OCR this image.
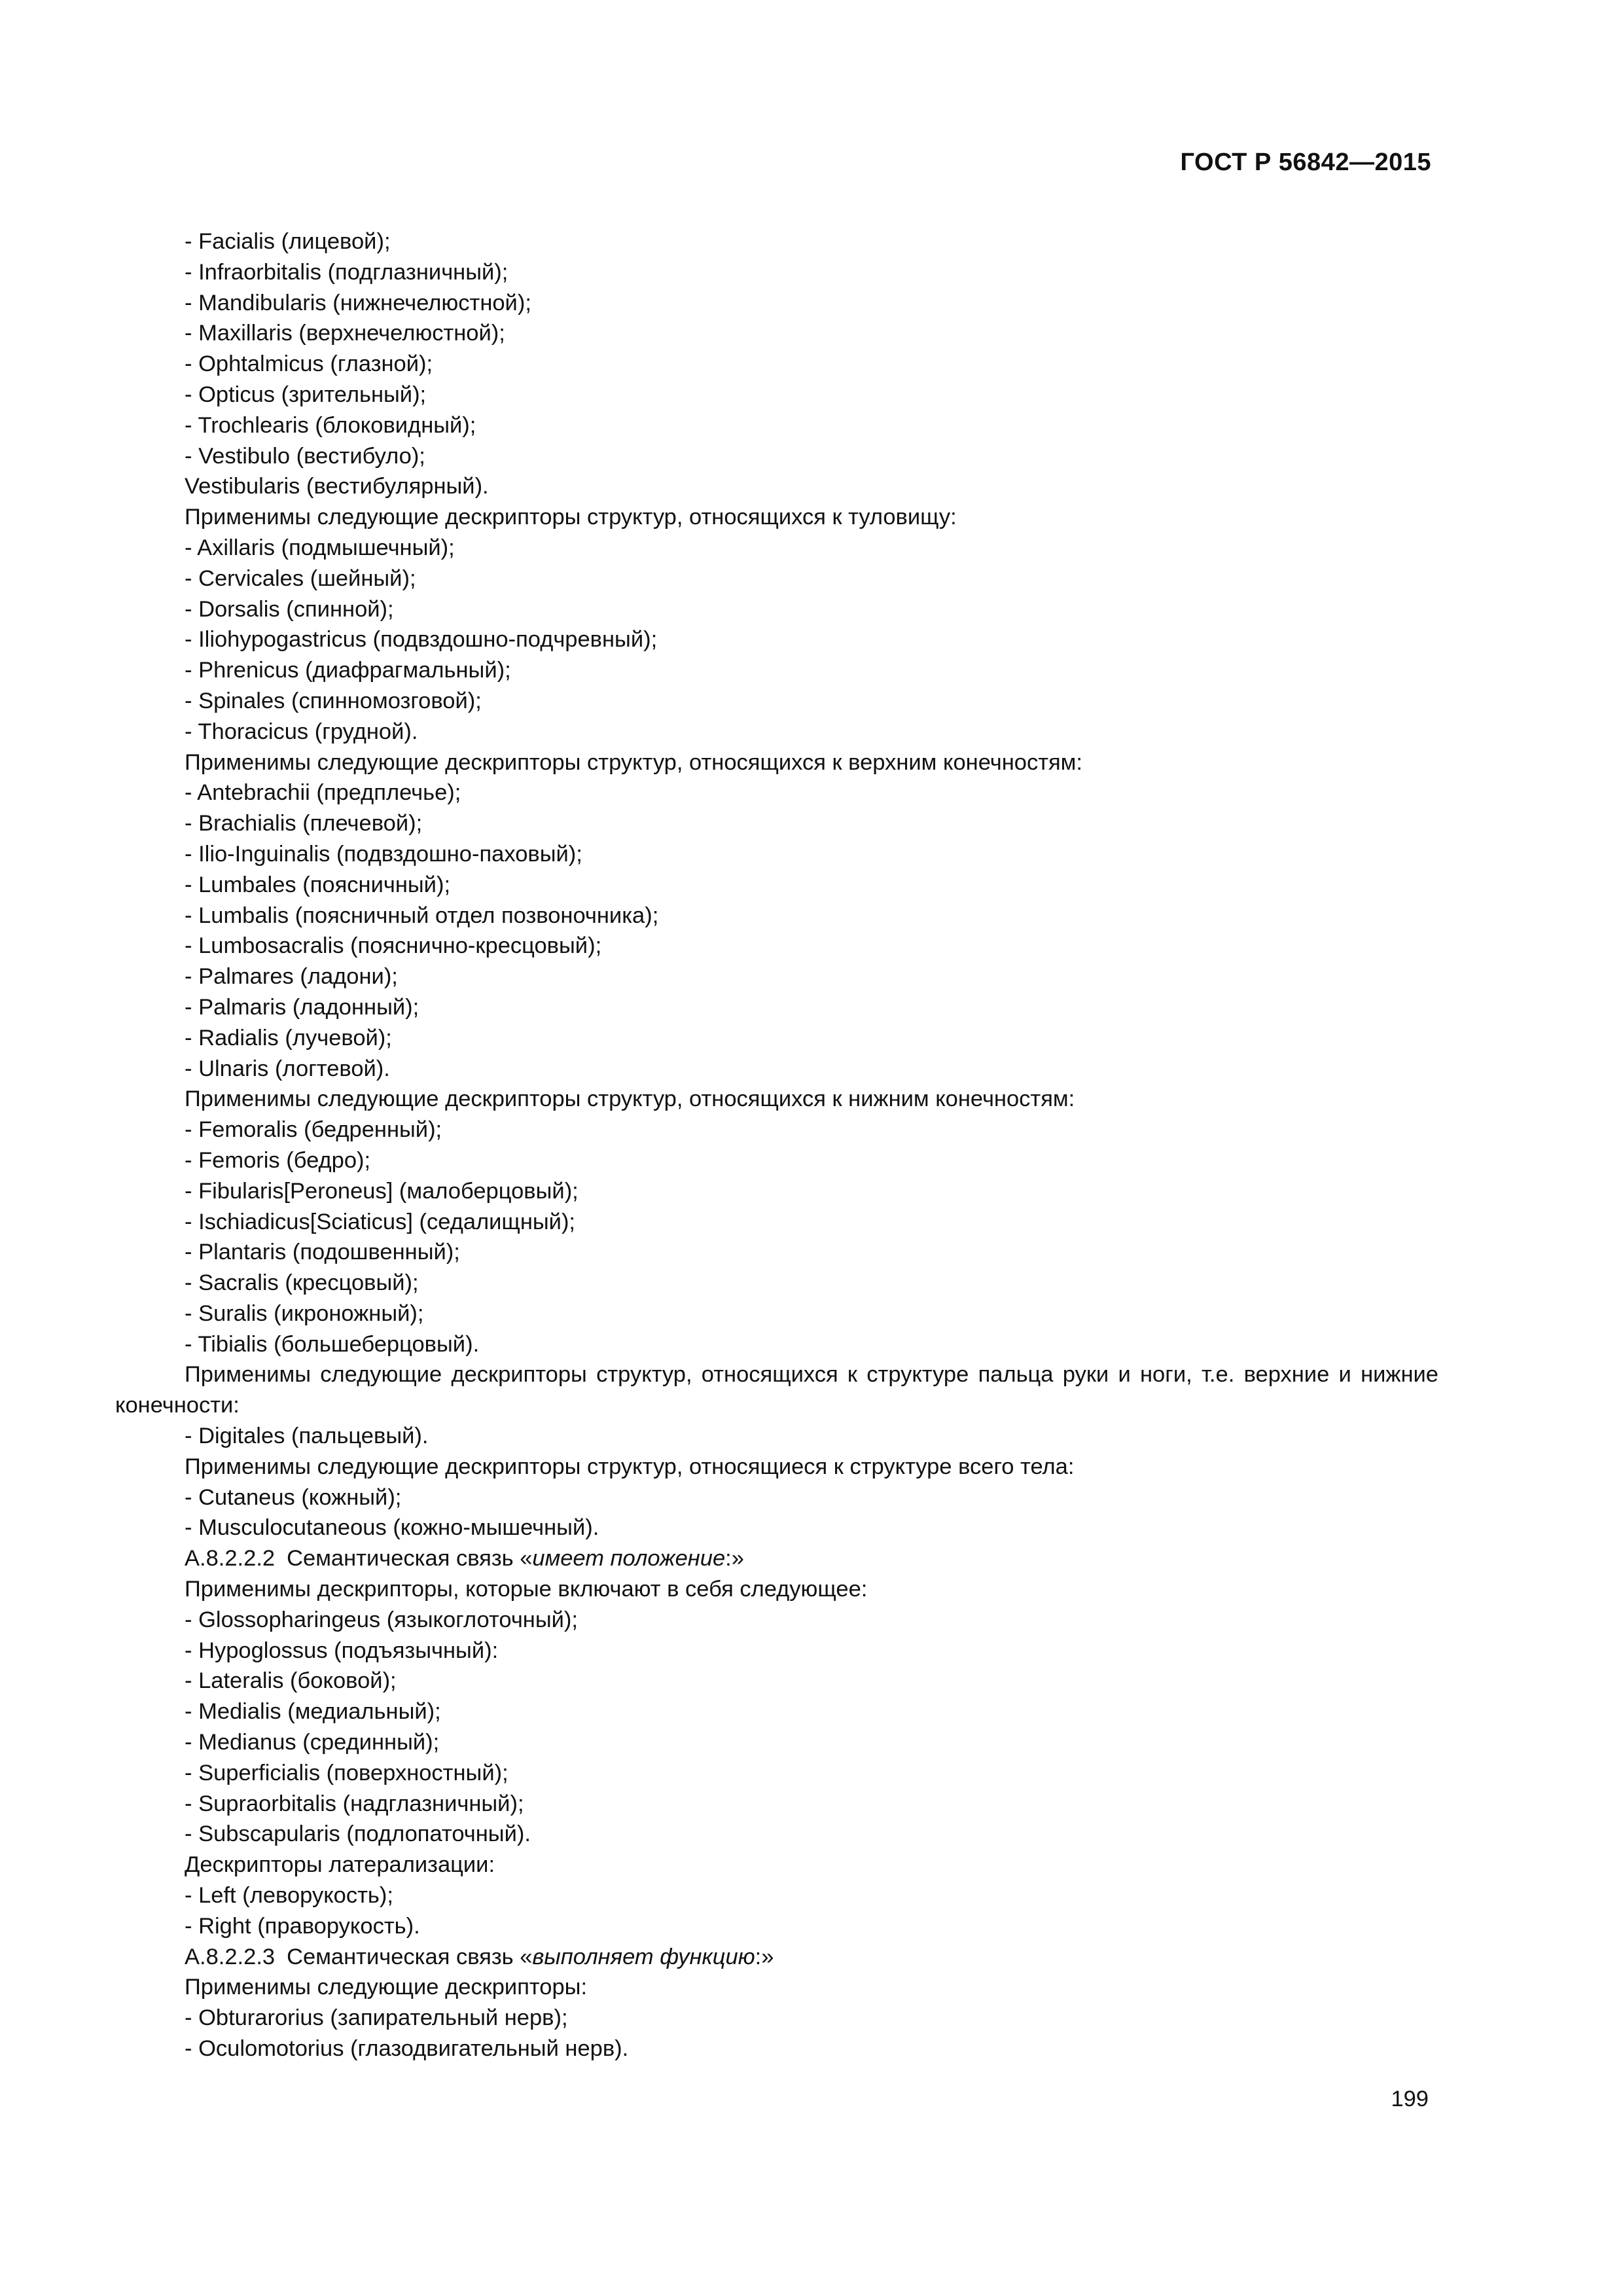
ГОСТ Р 56842—2015

- Facialis (лицевой);

- Infraorbitalis (подглазничный);

- Mandibularis (нижнечелюстной);

- Maxillaris (верхнечелюстной);

- Ophtalmicus (глазной);

- Opticus (зрительный);

- Trochlearis (блоковидный);

- Vestibulo (вестибуло);

Vestibularis (вестибулярный).

Применимы следующие дескрипторы структур, относящихся к туловищу:

- Axillaris (подмышечный);

- Cervicales (шейный);

- Dorsalis (спинной);

- Iliohypogastricus (подвздошно-подчревный);

- Phrenicus (диафрагмальный);

- Spinales (спинномозговой);

- Thoracicus (грудной).

Применимы следующие дескрипторы структур, относящихся к верхним конечностям:

- Antebrachii (предплечье);

- Brachialis (плечевой);

- Ilio-Inguinalis (подвздошно-паховый);

- Lumbales (поясничный);

- Lumbalis (поясничный отдел позвоночника);

- Lumbosacralis (пояснично-кресцовый);

- Palmares (ладони);

- Palmaris (ладонный);

- Radialis (лучевой);

- Ulnaris (логтевой).

Применимы следующие дескрипторы структур, относящихся к нижним конечностям:

- Femoralis (бедренный);

- Femoris (бедро);

- Fibularis[Peroneus] (малоберцовый);

- Ischiadicus[Sciaticus] (седалищный);

- Plantaris (подошвенный);

- Sacralis (кресцовый);

- Suralis (икроножный);

- Tibialis (большеберцовый).

Применимы следующие дескрипторы структур, относящихся к структуре пальца руки и ноги, т.е. верхние и нижние конечности:

- Digitales (пальцевый).

Применимы следующие дескрипторы структур, относящиеся к структуре всего тела:

- Cutaneus (кожный);

- Musculocutaneous (кожно-мышечный).

А.8.2.2.2 Семантическая связь «имеет положение:»

Применимы дескрипторы, которые включают в себя следующее:

- Glossopharingeus (языкоглоточный);

- Hypoglossus (подъязычный):

- Lateralis (боковой);

- Medialis (медиальный);

- Medianus (срединный);

- Superficialis (поверхностный);

- Supraorbitalis (надглазничный);

- Subscapularis (подлопаточный).

Дескрипторы латерализации:

- Left (леворукость);

- Right (праворукость).

А.8.2.2.3 Семантическая связь «выполняет функцию:»

Применимы следующие дескрипторы:

- Obturarorius (запирательный нерв);

- Oculomotorius (глазодвигательный нерв).

199
